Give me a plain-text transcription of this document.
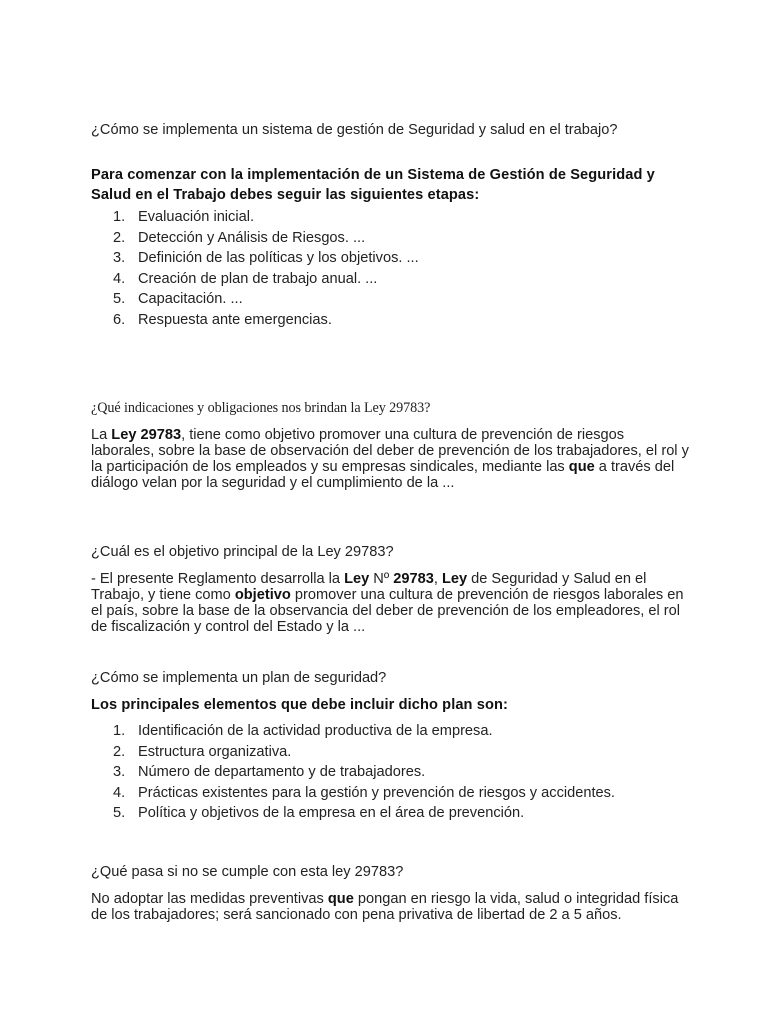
¿Cómo se implementa un sistema de gestión de Seguridad y salud en el trabajo?

Para comenzar con la implementación de un Sistema de Gestión de Seguridad y Salud en el Trabajo debes seguir las siguientes etapas:

1. Evaluación inicial.
2. Detección y Análisis de Riesgos. ...
3. Definición de las políticas y los objetivos. ...
4. Creación de plan de trabajo anual. ...
5. Capacitación. ...
6. Respuesta ante emergencias.

¿Qué indicaciones y obligaciones nos brindan la Ley 29783?

La Ley 29783, tiene como objetivo promover una cultura de prevención de riesgos laborales, sobre la base de observación del deber de prevención de los trabajadores, el rol y la participación de los empleados y su empresas sindicales, mediante las que a través del diálogo velan por la seguridad y el cumplimiento de la ...

¿Cuál es el objetivo principal de la Ley 29783?

- El presente Reglamento desarrolla la Ley Nº 29783, Ley de Seguridad y Salud en el Trabajo, y tiene como objetivo promover una cultura de prevención de riesgos laborales en el país, sobre la base de la observancia del deber de prevención de los empleadores, el rol de fiscalización y control del Estado y la ...

¿Cómo se implementa un plan de seguridad?

Los principales elementos que debe incluir dicho plan son:

1. Identificación de la actividad productiva de la empresa.
2. Estructura organizativa.
3. Número de departamento y de trabajadores.
4. Prácticas existentes para la gestión y prevención de riesgos y accidentes.
5. Política y objetivos de la empresa en el área de prevención.

¿Qué pasa si no se cumple con esta ley 29783?

No adoptar las medidas preventivas que pongan en riesgo la vida, salud o integridad física de los trabajadores; será sancionado con pena privativa de libertad de 2 a 5 años.
